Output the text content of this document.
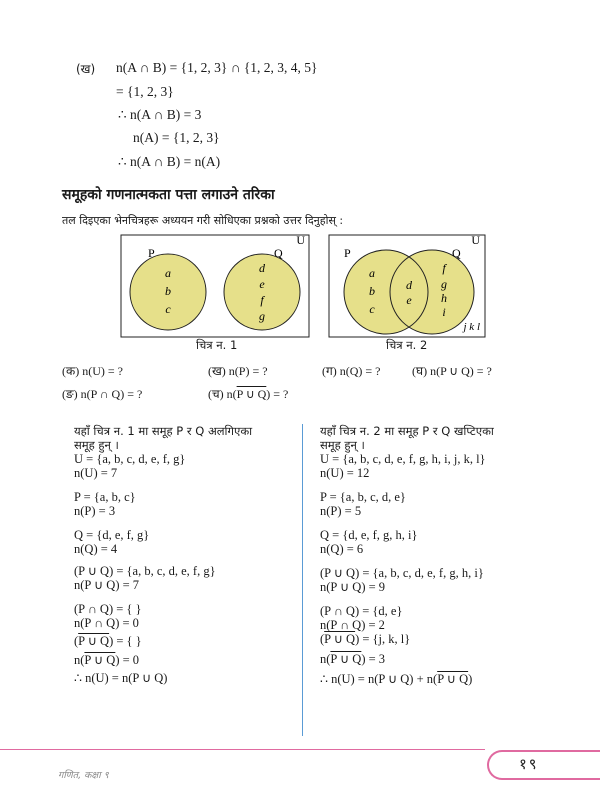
(ख) n(A ∩ B) = {1, 2, 3} ∩ {1, 2, 3, 4, 5}
= {1, 2, 3}
∴ n(A ∩ B) = 3
n(A) = {1, 2, 3}
∴ n(A ∩ B) = n(A)
समूहको गणनात्मकता पत्ता लगाउने तरिका
तल दिइएका भेनचित्रहरू अध्ययन गरी सोधिएका प्रश्नको उत्तर दिनुहोस् :
U
P	Q
a
b
c
d
e
f
g
चित्र न. 1
U
P	Q
a
b
c
d
e
f
g
h
i
j k l
चित्र न. 2
(क) n(U) = ?	(ख) n(P) = ?	(ग) n(Q) = ?	(घ) n(P ∪ Q) = ?
(ङ) n(P ∩ Q) = ?	(च) n(P ∪ Q) = ?
यहाँ चित्र न. 1 मा समूह P र Q अलगिएका
समूह हुन् ।
U = {a, b, c, d, e, f, g}
n(U) = 7
P = {a, b, c}
n(P) = 3
Q = {d, e, f, g}
n(Q) = 4
(P ∪ Q) = {a, b, c, d, e, f, g}
n(P ∪ Q) = 7
(P ∩ Q) = { }
n(P ∩ Q) = 0
(P ∪ Q) = { }
n(P ∪ Q) = 0
∴ n(U) = n(P ∪ Q)
यहाँ चित्र न. 2 मा समूह P र Q खप्टिएका
समूह हुन् ।
U = {a, b, c, d, e, f, g, h, i, j, k, l}
n(U) = 12
P = {a, b, c, d, e}
n(P) = 5
Q = {d, e, f, g, h, i}
n(Q) = 6
(P ∪ Q) = {a, b, c, d, e, f, g, h, i}
n(P ∪ Q) = 9
(P ∩ Q) = {d, e}
n(P ∩ Q) = 2
(P ∪ Q) = {j, k, l}
n(P ∪ Q) = 3
∴ n(U) = n(P ∪ Q) + n(P ∪ Q)
गणित, कक्षा ९
१९
